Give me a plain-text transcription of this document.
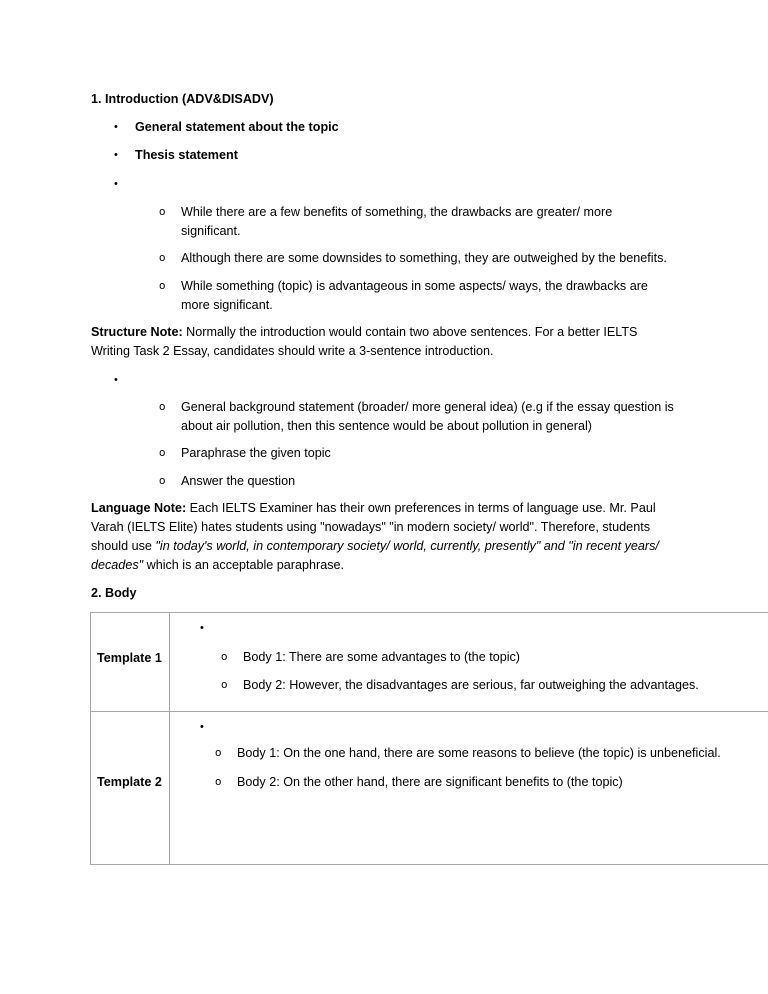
1. Introduction (ADV&DISADV)
• General statement about the topic
• Thesis statement
•
o While there are a few benefits of something, the drawbacks are greater/ more significant.
o Although there are some downsides to something, they are outweighed by the benefits.
o While something (topic) is advantageous in some aspects/ ways, the drawbacks are more significant.
Structure Note: Normally the introduction would contain two above sentences. For a better IELTS Writing Task 2 Essay, candidates should write a 3-sentence introduction.
•
o General background statement (broader/ more general idea) (e.g if the essay question is about air pollution, then this sentence would be about pollution in general)
o Paraphrase the given topic
o Answer the question
Language Note: Each IELTS Examiner has their own preferences in terms of language use. Mr. Paul Varah (IELTS Elite) hates students using "nowadays" "in modern society/ world". Therefore, students should use "in today's world, in contemporary society/ world, currently, presently" and "in recent years/ decades" which is an acceptable paraphrase.
2. Body
Template 1	•
o Body 1: There are some advantages to (the topic)
o Body 2: However, the disadvantages are serious, far outweighing the advantages.

Template 2	•
o Body 1: On the one hand, there are some reasons to believe (the topic) is unbeneficial.
o Body 2: On the other hand, there are significant benefits to (the topic)
